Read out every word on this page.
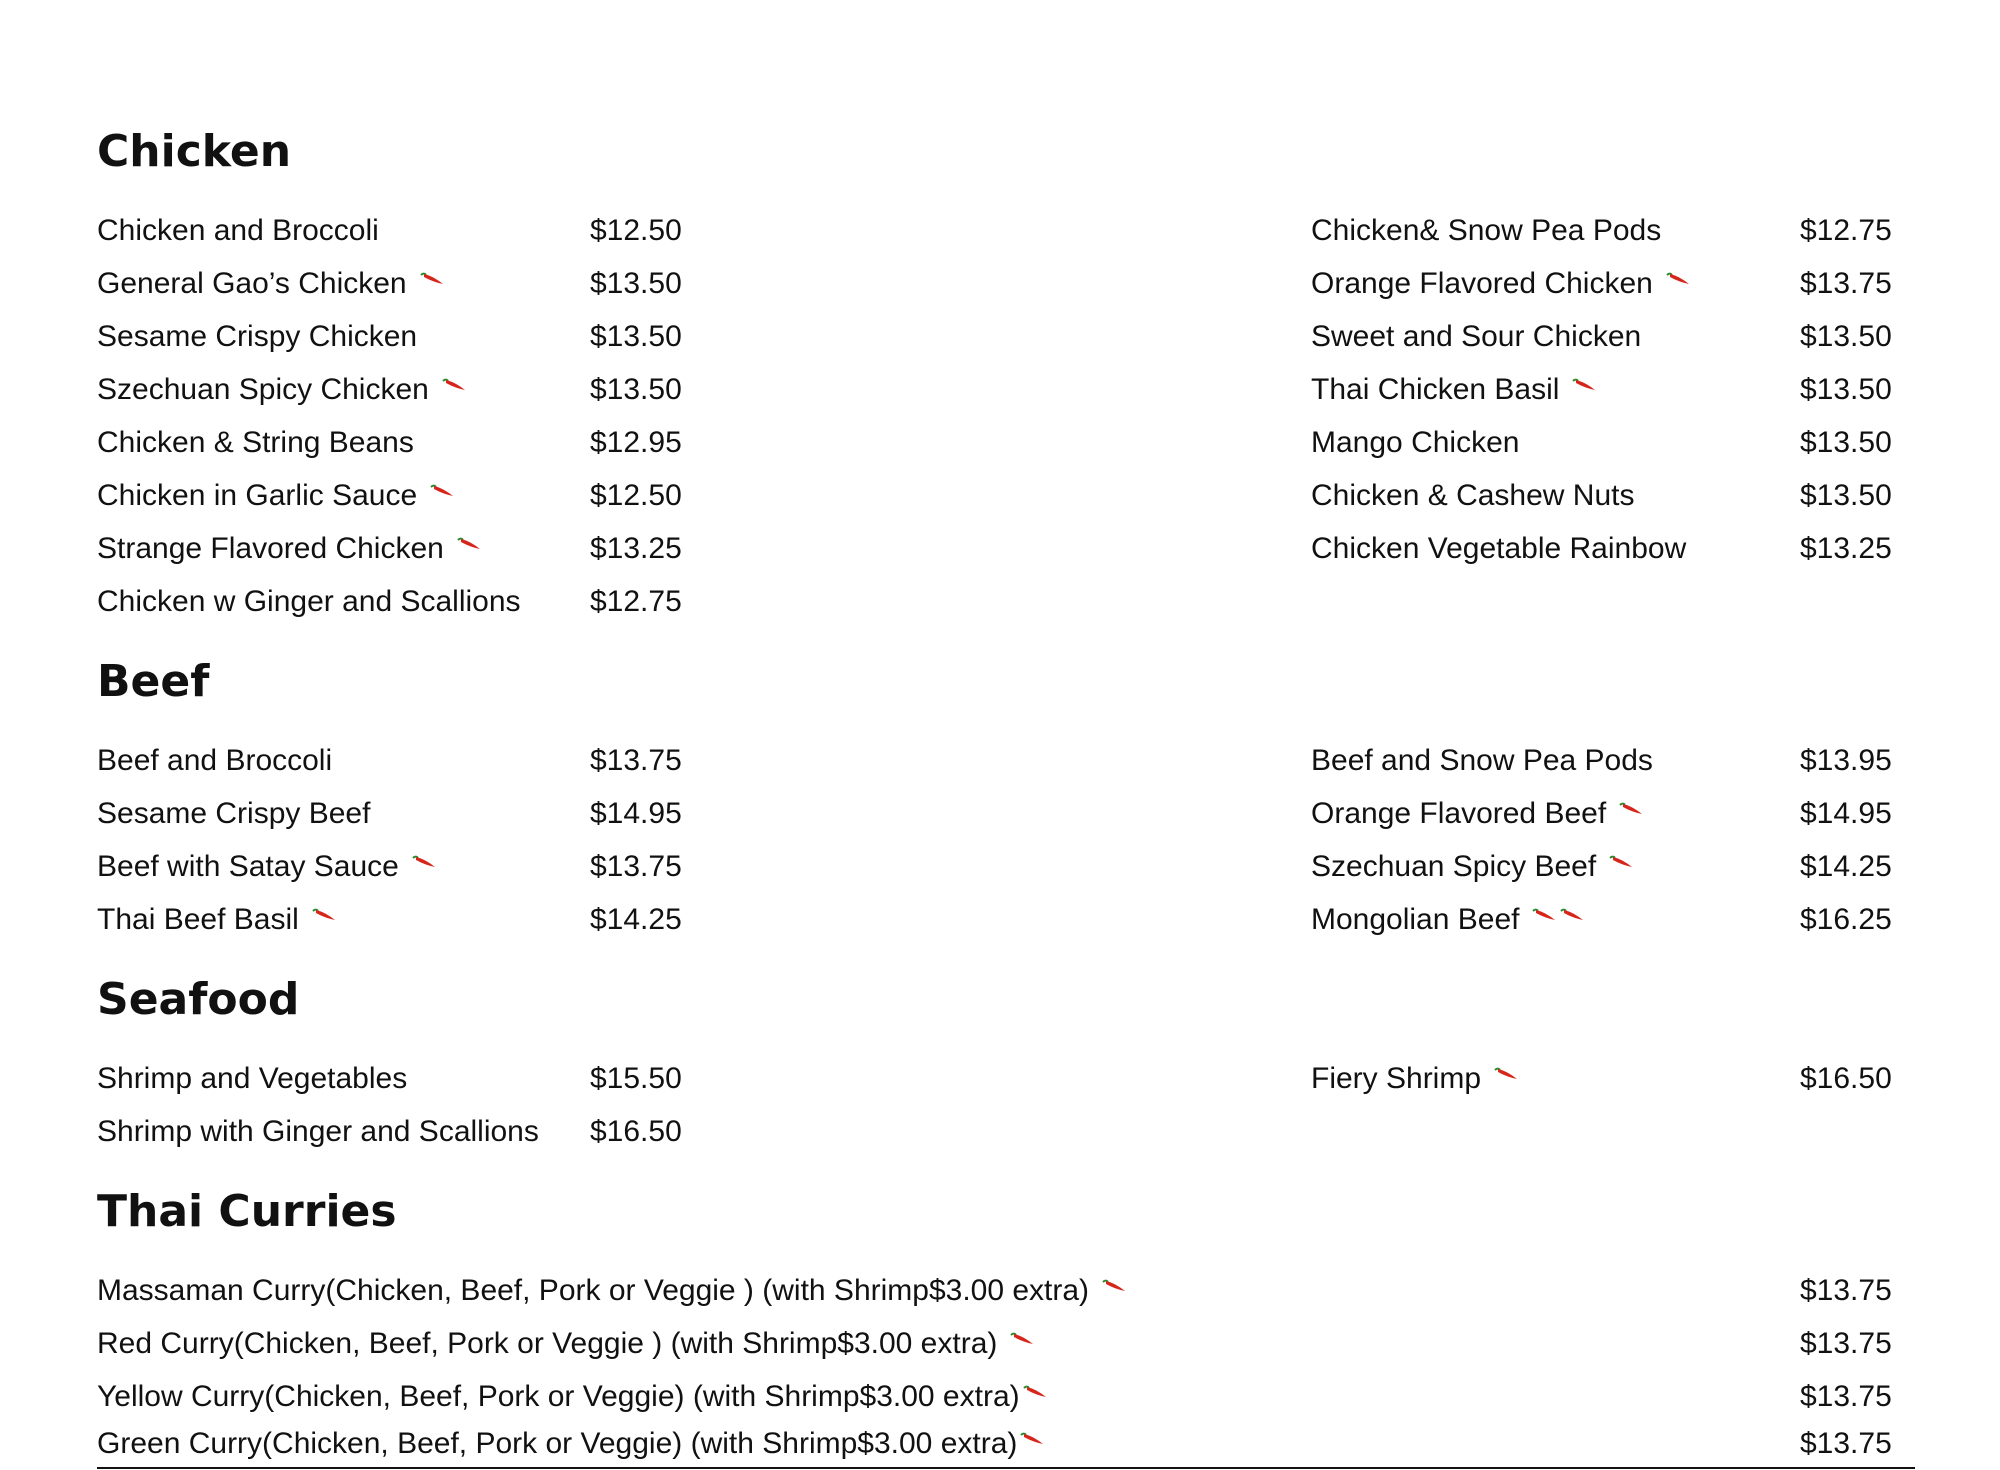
Chicken
Chicken and Broccoli	$12.50
General Gao’s Chicken	$13.50
Sesame Crispy Chicken	$13.50
Szechuan Spicy Chicken	$13.50
Chicken & String Beans	$12.95
Chicken in Garlic Sauce	$12.50
Strange Flavored Chicken	$13.25
Chicken w Ginger and Scallions $12.75
Chicken& Snow Pea Pods	$12.75
Orange Flavored Chicken	$13.75
Sweet and Sour Chicken	$13.50
Thai Chicken Basil	$13.50
Mango Chicken	$13.50
Chicken & Cashew Nuts	$13.50
Chicken Vegetable Rainbow	$13.25
Beef
Beef and Broccoli	$13.75
Sesame Crispy Beef	$14.95
Beef with Satay Sauce	$13.75
Thai Beef Basil	$14.25
Beef and Snow Pea Pods	$13.95
Orange Flavored Beef	$14.95
Szechuan Spicy Beef	$14.25
Mongolian Beef	$16.25
Seafood
Shrimp and Vegetables	$15.50
Shrimp with Ginger and Scallions $16.50
Fiery Shrimp	$16.50
Thai Curries
Massaman Curry(Chicken, Beef, Pork or Veggie ) (with Shrimp$3.00 extra)	$13.75
Red Curry(Chicken, Beef, Pork or Veggie ) (with Shrimp$3.00 extra)	$13.75
Yellow Curry(Chicken, Beef, Pork or Veggie) (with Shrimp$3.00 extra)	$13.75
Green Curry(Chicken, Beef, Pork or Veggie) (with Shrimp$3.00 extra)	$13.75
